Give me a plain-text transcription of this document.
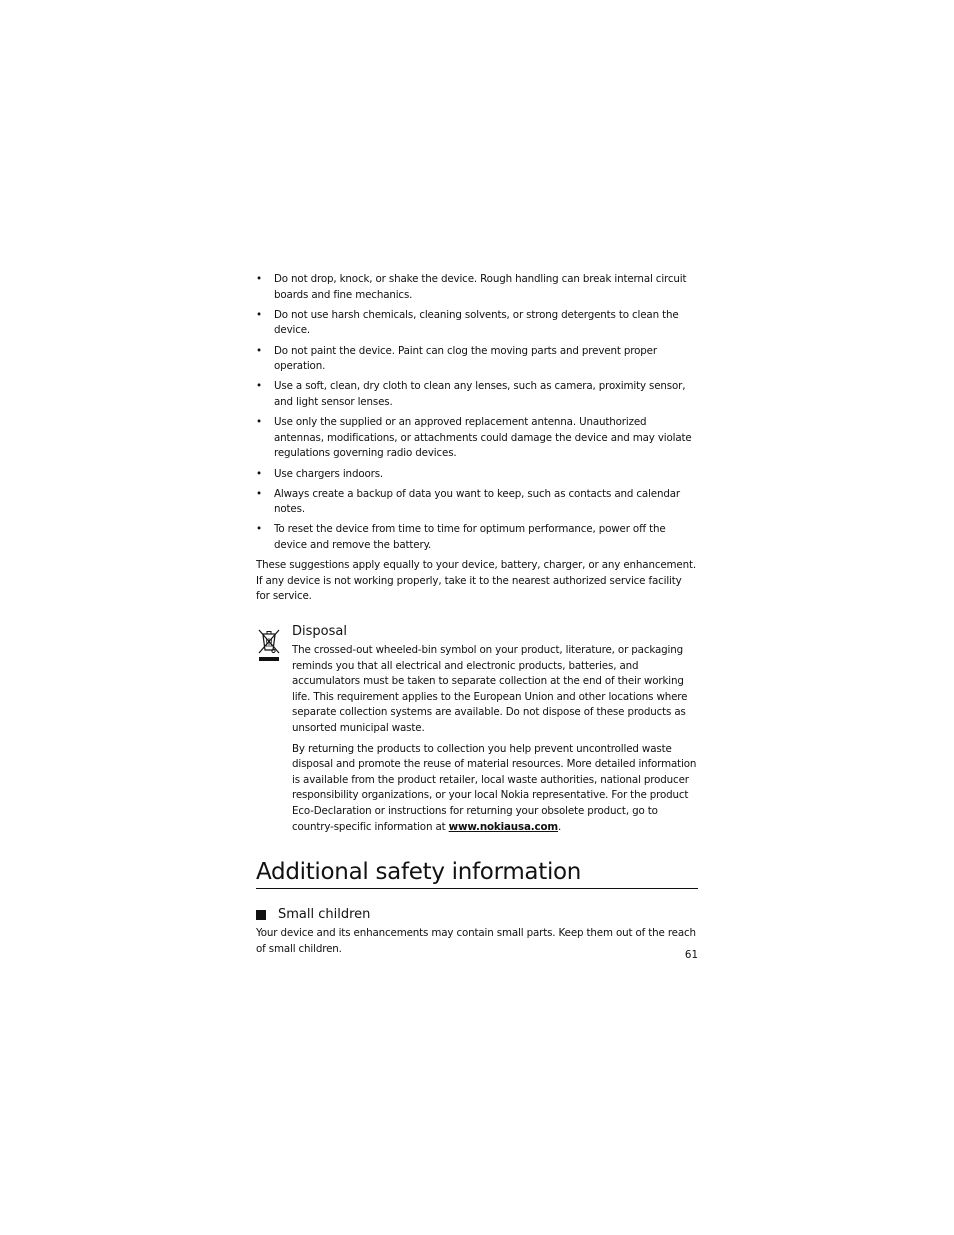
• Do not drop, knock, or shake the device. Rough handling can break internal circuit boards and fine mechanics.
• Do not use harsh chemicals, cleaning solvents, or strong detergents to clean the device.
• Do not paint the device. Paint can clog the moving parts and prevent proper operation.
• Use a soft, clean, dry cloth to clean any lenses, such as camera, proximity sensor, and light sensor lenses.
• Use only the supplied or an approved replacement antenna. Unauthorized antennas, modifications, or attachments could damage the device and may violate regulations governing radio devices.
• Use chargers indoors.
• Always create a backup of data you want to keep, such as contacts and calendar notes.
• To reset the device from time to time for optimum performance, power off the device and remove the battery.

These suggestions apply equally to your device, battery, charger, or any enhancement. If any device is not working properly, take it to the nearest authorized service facility for service.

Disposal

The crossed-out wheeled-bin symbol on your product, literature, or packaging reminds you that all electrical and electronic products, batteries, and accumulators must be taken to separate collection at the end of their working life. This requirement applies to the European Union and other locations where separate collection systems are available. Do not dispose of these products as unsorted municipal waste.

By returning the products to collection you help prevent uncontrolled waste disposal and promote the reuse of material resources. More detailed information is available from the product retailer, local waste authorities, national producer responsibility organizations, or your local Nokia representative. For the product Eco-Declaration or instructions for returning your obsolete product, go to country-specific information at www.nokiausa.com.

Additional safety information
Small children

Your device and its enhancements may contain small parts. Keep them out of the reach of small children.

61
